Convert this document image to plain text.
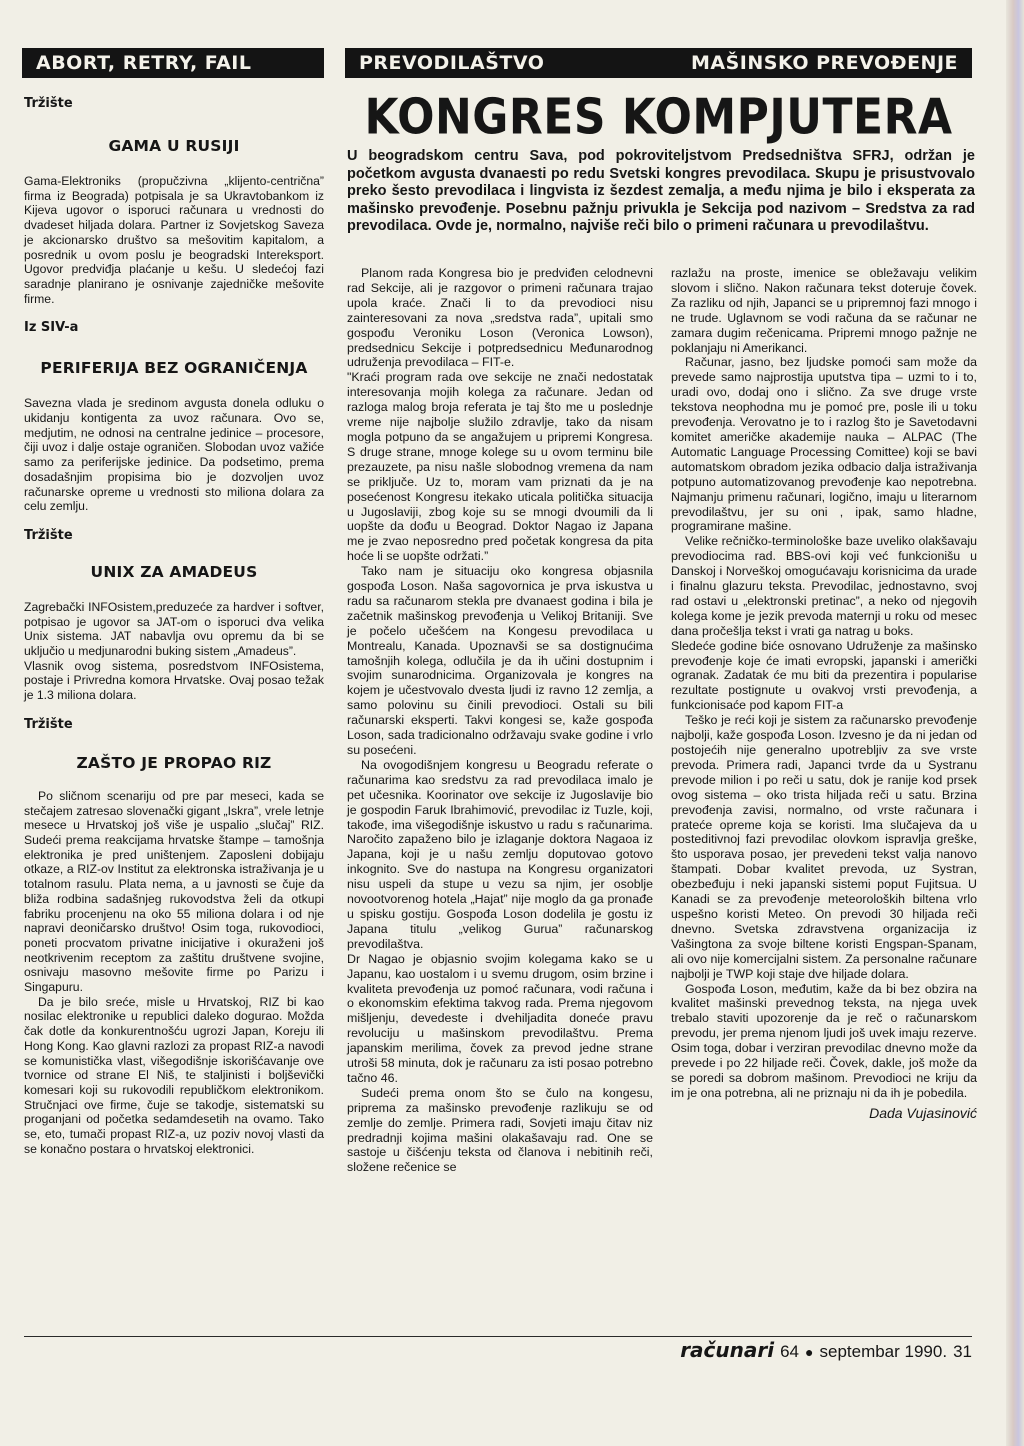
ABORT, RETRY, FAIL	PREVODILAŠTVO	MAŠINSKO PREVOĐENJE
Tržište
GAMA U RUSIJI

Gama-Elektroniks (propučzivna „klijento-centrična” firma iz Beograda) potpisala je sa Ukravtobankom iz Kijeva ugovor o isporuci računara u vrednosti do dvadeset hiljada dolara. Partner iz Sovjetskog Saveza je akcionarsko društvo sa mešovitim kapitalom, a posrednik u ovom poslu je beogradski Intereksport. Ugovor predviđja plaćanje u kešu. U sledećoj fazi saradnje planirano je osnivanje zajedničke mešovite firme.

Iz SIV-a
PERIFERIJA BEZ OGRANIČENJA

Savezna vlada je sredinom avgusta donela odluku o ukidanju kontigenta za uvoz računara. Ovo se, medjutim, ne odnosi na centralne jedinice – procesore, čiji uvoz i dalje ostaje ograničen. Slobodan uvoz važiće samo za periferijske jedinice. Da podsetimo, prema dosadašnjim propisima bio je dozvoljen uvoz računarske opreme u vrednosti sto miliona dolara za celu zemlju.

Tržište
UNIX ZA AMADEUS

Zagrebački INFOsistem,preduzeće za hardver i softver, potpisao je ugovor sa JAT-om o isporuci dva velika Unix sistema. JAT nabavlja ovu opremu da bi se uključio u medjunarodni buking sistem „Amadeus”.

Vlasnik ovog sistema, posredstvom INFOsistema, postaje i Privredna komora Hrvatske. Ovaj posao težak je 1.3 miliona dolara.

Tržište
ZAŠTO JE PROPAO RIZ

Po sličnom scenariju od pre par meseci, kada se stečajem zatresao slovenački gigant „Iskra”, vrele letnje mesece u Hrvatskoj još više je uspalio „slučaj” RIZ. Sudeći prema reakcijama hrvatske štampe – tamošnja elektronika je pred uništenjem. Zaposleni dobijaju otkaze, a RIZ-ov Institut za elektronska istraživanja je u totalnom rasulu. Plata nema, a u javnosti se čuje da bliža rodbina sadašnjeg rukovodstva želi da otkupi fabriku procenjenu na oko 55 miliona dolara i od nje napravi deoničarsko društvo! Osim toga, rukovodioci, poneti procvatom privatne inicijative i okuraženi još neotkrivenim receptom za zaštitu društvene svojine, osnivaju masovno mešovite firme po Parizu i Singapuru.

Da je bilo sreće, misle u Hrvatskoj, RIZ bi kao nosilac elektronike u republici daleko dogurao. Možda čak dotle da konkurentnošću ugrozi Japan, Koreju ili Hong Kong. Kao glavni razlozi za propast RIZ-a navodi se komunistička vlast, višegodišnje iskorišćavanje ove tvornice od strane El Niš, te staljinisti i boljševički komesari koji su rukovodili republičkom elektronikom. Stručnjaci ove firme, čuje se takodje, sistematski su proganjani od početka sedamdesetih na ovamo. Tako se, eto, tumači propast RIZ-a, uz poziv novoj vlasti da se konačno postara o hrvatskoj elektronici.

KONGRES KOMPJUTERA

U beogradskom centru Sava, pod pokroviteljstvom Predsedništva SFRJ, održan je početkom avgusta dvanaesti po redu Svetski kongres prevodilaca. Skupu je prisustvovalo preko šesto prevodilaca i lingvista iz šezdest zemalja, a među njima je bilo i eksperata za mašinsko prevođenje. Posebnu pažnju privukla je Sekcija pod nazivom – Sredstva za rad prevodilaca. Ovde je, normalno, najviše reči bilo o primeni računara u prevodilaštvu.

Planom rada Kongresa bio je predviđen celodnevni rad Sekcije, ali je razgovor o primeni računara trajao upola kraće. Znači li to da prevodioci nisu zainteresovani za nova „sredstva rada”, upitali smo gospođu Veroniku Loson (Veronica Lowson), predsednicu Sekcije i potpredsednicu Međunarodnog udruženja prevodilaca – FIT-e.

"Kraći program rada ove sekcije ne znači nedostatak interesovanja mojih kolega za računare. Jedan od razloga malog broja referata je taj što me u poslednje vreme nije najbolje služilo zdravlje, tako da nisam mogla potpuno da se angažujem u pripremi Kongresa. S druge strane, mnoge kolege su u ovom terminu bile prezauzete, pa nisu našle slobodnog vremena da nam se priključe. Uz to, moram vam priznati da je na posećenost Kongresu itekako uticala politička situacija u Jugoslaviji, zbog koje su se mnogi dvoumili da li uopšte da dođu u Beograd. Doktor Nagao iz Japana me je zvao neposredno pred početak kongresa da pita hoće li se uopšte održati.”

Tako nam je situaciju oko kongresa objasnila gospođa Loson. Naša sagovornica je prva iskustva u radu sa računarom stekla pre dvanaest godina i bila je začetnik mašinskog prevođenja u Velikoj Britaniji. Sve je počelo učešćem na Kongesu prevodilaca u Montrealu, Kanada. Upoznavši se sa dostignućima tamošnjih kolega, odlučila je da ih učini dostupnim i svojim sunarodnicima. Organizovala je kongres na kojem je učestvovalo dvesta ljudi iz ravno 12 zemlja, a samo polovinu su činili prevodioci. Ostali su bili računarski eksperti. Takvi kongesi se, kaže gospođa Loson, sada tradicionalno održavaju svake godine i vrlo su posećeni.

Na ovogodišnjem kongresu u Beogradu referate o računarima kao sredstvu za rad prevodilaca imalo je pet učesnika. Koorinator ove sekcije iz Jugoslavije bio je gospodin Faruk Ibrahimović, prevodilac iz Tuzle, koji, takođe, ima višegodišnje iskustvo u radu s računarima. Naročito zapaženo bilo je izlaganje doktora Nagaoa iz Japana, koji je u našu zemlju doputovao gotovo inkognito. Sve do nastupa na Kongresu organizatori nisu uspeli da stupe u vezu sa njim, jer osoblje novootvorenog hotela „Hajat” nije moglo da ga pronađe u spisku gostiju. Gospođa Loson dodelila je gostu iz Japana titulu „velikog Gurua” računarskog prevodilaštva.

Dr Nagao je objasnio svojim kolegama kako se u Japanu, kao uostalom i u svemu drugom, osim brzine i kvaliteta prevođenja uz pomoć računara, vodi računa i o ekonomskim efektima takvog rada. Prema njegovom mišljenju, devedeste i dvehiljadita doneće pravu revoluciju u mašinskom prevodilaštvu. Prema japanskim merilima, čovek za prevod jedne strane utroši 58 minuta, dok je računaru za isti posao potrebno tačno 46.

Sudeći prema onom što se čulo na kongesu, priprema za mašinsko prevođenje razlikuju se od zemlje do zemlje. Primera radi, Sovjeti imaju čitav niz predradnji kojima mašini olakašavaju rad. One se sastoje u čišćenju teksta od članova i nebitinih reči, složene rečenice se

razlažu na proste, imenice se obležavaju velikim slovom i slično. Nakon računara tekst doteruje čovek. Za razliku od njih, Japanci se u pripremnoj fazi mnogo i ne trude. Uglavnom se vodi računa da se računar ne zamara dugim rečenicama. Pripremi mnogo pažnje ne poklanjaju ni Amerikanci.

Računar, jasno, bez ljudske pomoći sam može da prevede samo najprostija uputstva tipa – uzmi to i to, uradi ovo, dodaj ono i slično. Za sve druge vrste tekstova neophodna mu je pomoć pre, posle ili u toku prevođenja. Verovatno je to i razlog što je Savetodavni komitet američke akademije nauka – ALPAC (The Automatic Language Processing Comittee) koji se bavi automatskom obradom jezika odbacio dalja istraživanja potpuno automatizovanog prevođenje kao nepotrebna. Najmanju primenu računari, logično, imaju u literarnom prevodilaštvu, jer su oni , ipak, samo hladne, programirane mašine.

Velike rečničko-terminološke baze uveliko olakšavaju prevodiocima rad. BBS-ovi koji već funkcionišu u Danskoj i Norveškoj omogućavaju korisnicima da urade i finalnu glazuru teksta. Prevodilac, jednostavno, svoj rad ostavi u „elektronski pretinac”, a neko od njegovih kolega kome je jezik prevoda maternji u roku od mesec dana pročešlja tekst i vrati ga natrag u boks.

Sledeće godine biće osnovano Udruženje za mašinsko prevođenje koje će imati evropski, japanski i američki ogranak. Zadatak će mu biti da prezentira i popularise rezultate postignute u ovakvoj vrsti prevođenja, a funkcionisaće pod kapom FIT-a

Teško je reći koji je sistem za računarsko prevođenje najbolji, kaže gospođa Loson. Izvesno je da ni jedan od postojećih nije generalno upotrebljiv za sve vrste prevoda. Primera radi, Japanci tvrde da u Systranu prevode milion i po reči u satu, dok je ranije kod prsek ovog sistema – oko trista hiljada reči u satu. Brzina prevođenja zavisi, normalno, od vrste računara i prateće opreme koja se koristi. Ima slučajeva da u posteditivnoj fazi prevodilac olovkom ispravlja greške, što usporava posao, jer prevedeni tekst valja nanovo štampati. Dobar kvalitet prevoda, uz Systran, obezbeđuju i neki japanski sistemi poput Fujitsua. U Kanadi se za prevođenje meteoroloških biltena vrlo uspešno koristi Meteo. On prevodi 30 hiljada reči dnevno. Svetska zdravstvena organizacija iz Vašingtona za svoje biltene koristi Engspan-Spanam, ali ovo nije komercijalni sistem. Za personalne računare najbolji je TWP koji staje dve hiljade dolara.

Gospođa Loson, međutim, kaže da bi bez obzira na kvalitet mašinski prevednog teksta, na njega uvek trebalo staviti upozorenje da je reč o računarskom prevodu, jer prema njenom ljudi još uvek imaju rezerve. Osim toga, dobar i verziran prevodilac dnevno može da prevede i po 22 hiljade reči. Čovek, dakle, još može da se poredi sa dobrom mašinom. Prevodioci ne kriju da im je ona potrebna, ali ne priznaju ni da ih je pobedila.

Dada Vujasinović
računari 64 ● septembar 1990. 31
